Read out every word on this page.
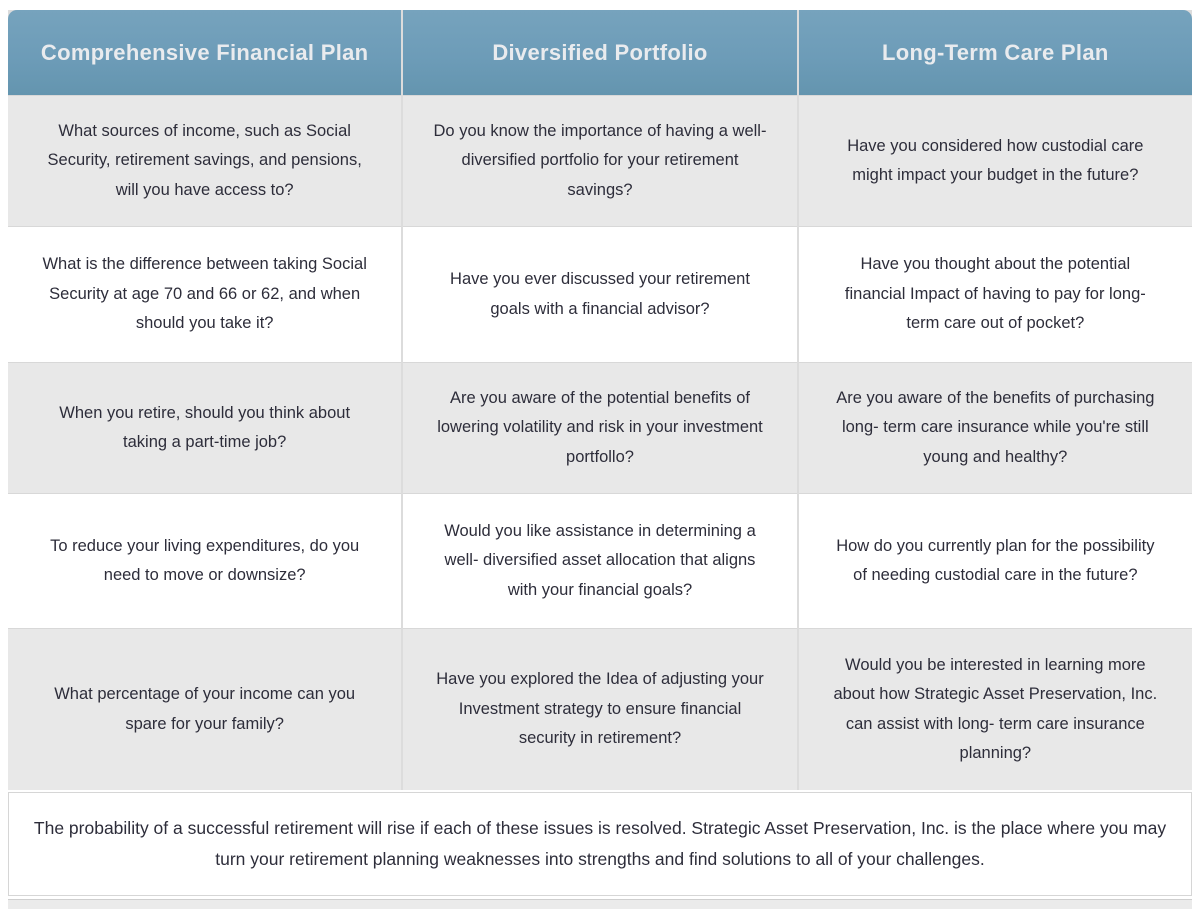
Comprehensive Financial Plan	Diversified Portfolio	Long-Term Care Plan
What sources of income, such as Social Security, retirement savings, and pensions, will you have access to?
Do you know the importance of having a well- diversified portfolio for your retirement savings?
Have you considered how custodial care might impact your budget in the future?
What is the difference between taking Social Security at age 70 and 66 or 62, and when should you take it?
Have you ever discussed your retirement goals with a financial advisor?
Have you thought about the potential financial Impact of having to pay for long-term care out of pocket?
When you retire, should you think about taking a part-time job?
Are you aware of the potential benefits of lowering volatility and risk in your investment portfollo?
Are you aware of the benefits of purchasing long- term care insurance while you're still young and healthy?
To reduce your living expenditures, do you need to move or downsize?
Would you like assistance in determining a well- diversified asset allocation that aligns with your financial goals?
How do you currently plan for the possibility of needing custodial care in the future?
What percentage of your income can you spare for your family?
Have you explored the Idea of adjusting your Investment strategy to ensure financial security in retirement?
Would you be interested in learning more about how Strategic Asset Preservation, Inc. can assist with long- term care insurance planning?
The probability of a successful retirement will rise if each of these issues is resolved. Strategic Asset Preservation, Inc. is the place where you may turn your retirement planning weaknesses into strengths and find solutions to all of your challenges.
